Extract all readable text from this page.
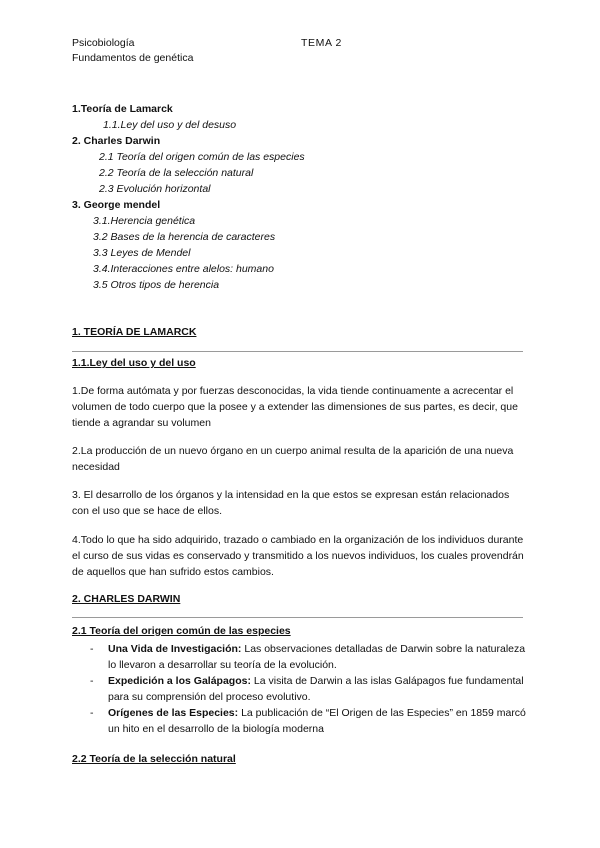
Psicobiología
Fundamentos de genética
TEMA 2
1.Teoría de Lamarck
1.1.Ley del uso y del desuso
2. Charles Darwin
2.1 Teoría del origen común de las especies
2.2 Teoría de la selección natural
2.3 Evolución horizontal
3. George mendel
3.1.Herencia genética
3.2 Bases de la herencia de caracteres
3.3 Leyes de Mendel
3.4.Interacciones entre alelos: humano
3.5 Otros tipos de herencia
1. TEORÍA DE LAMARCK
1.1.Ley del uso y del uso
1.De forma autómata y por fuerzas desconocidas, la vida tiende continuamente a acrecentar el volumen de todo cuerpo que la posee y a extender las dimensiones de sus partes, es decir, que tiende a agrandar su volumen
2.La producción de un nuevo órgano en un cuerpo animal resulta de la aparición de una nueva necesidad
3. El desarrollo de los órganos y la intensidad en la que estos se expresan están relacionados con el uso que se hace de ellos.
4.Todo lo que ha sido adquirido, trazado o cambiado en la organización de los individuos durante el curso de sus vidas es conservado y transmitido a los nuevos individuos, los cuales provendrán de aquellos que han sufrido estos cambios.
2. CHARLES DARWIN
2.1 Teoría del origen común de las especies
- Una Vida de Investigación: Las observaciones detalladas de Darwin sobre la naturaleza lo llevaron a desarrollar su teoría de la evolución.
- Expedición a los Galápagos: La visita de Darwin a las islas Galápagos fue fundamental para su comprensión del proceso evolutivo.
- Orígenes de las Especies: La publicación de “El Origen de las Especies” en 1859 marcó un hito en el desarrollo de la biología moderna
2.2 Teoría de la selección natural
